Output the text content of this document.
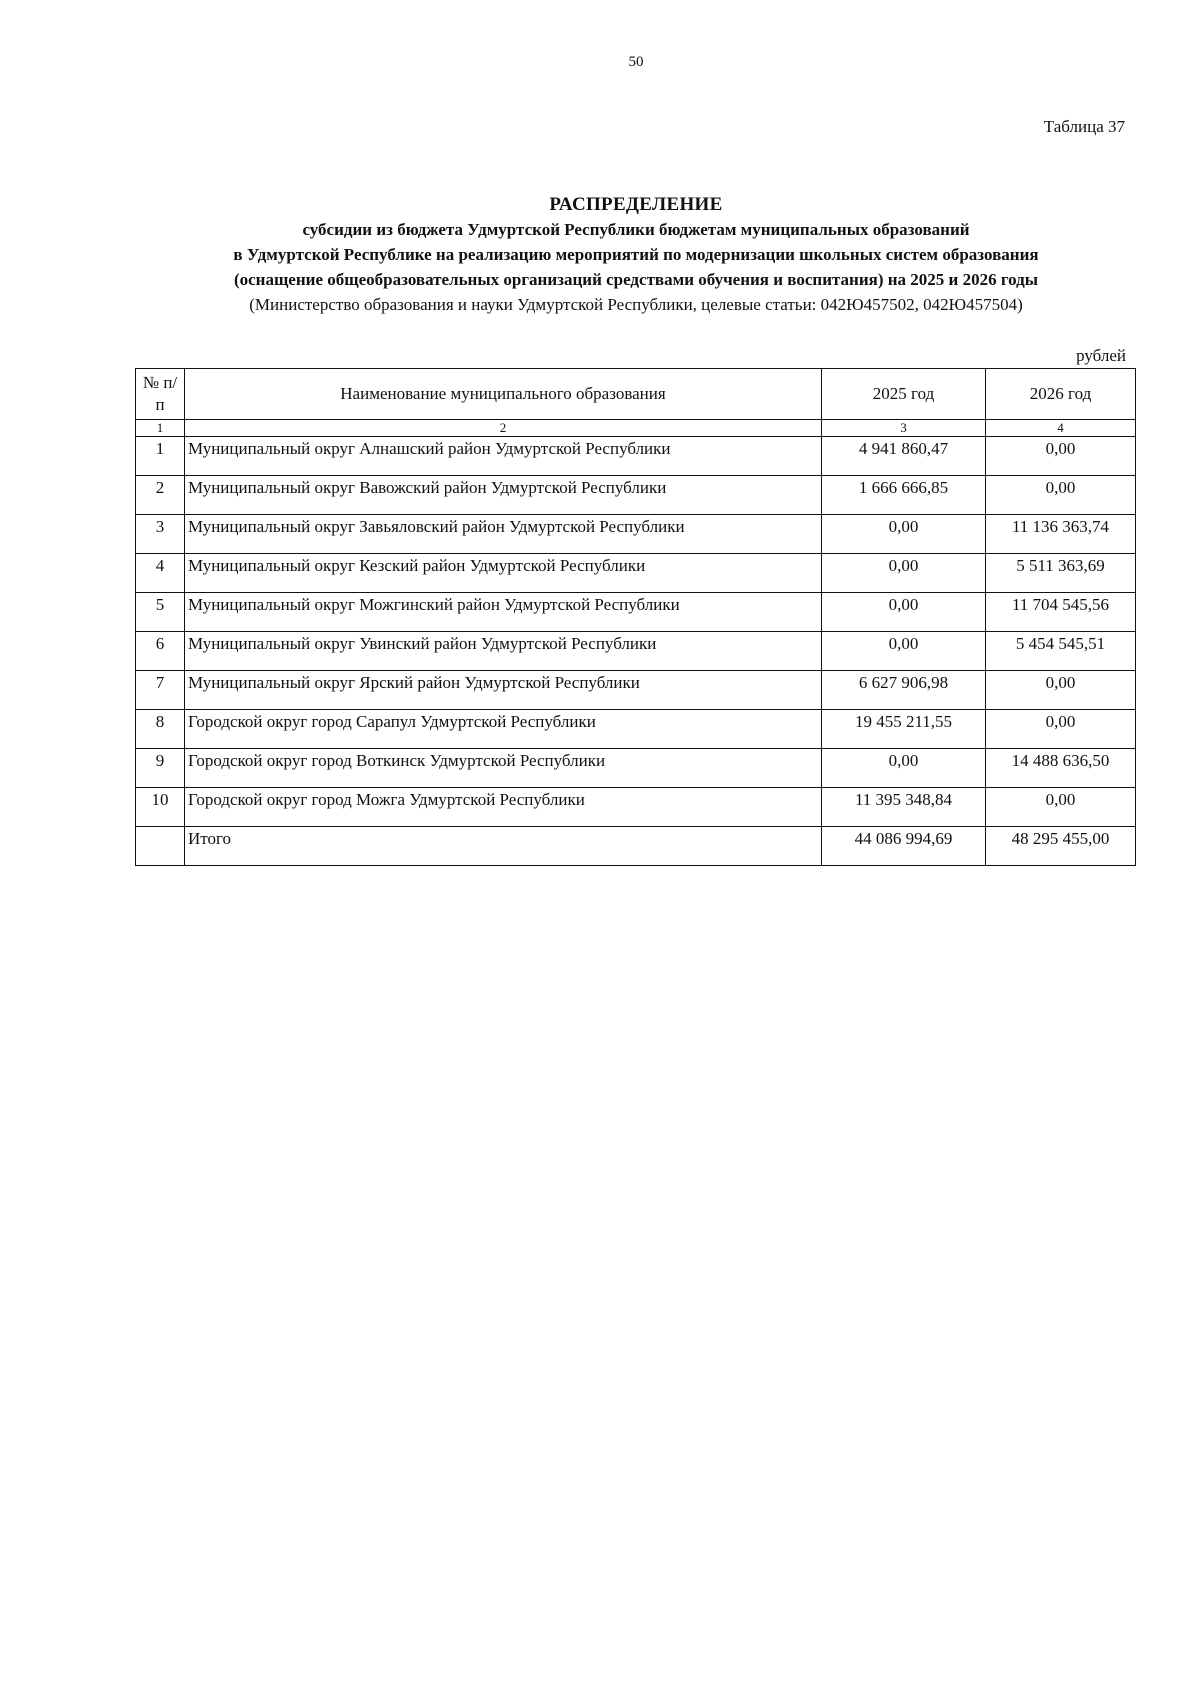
50
Таблица 37
РАСПРЕДЕЛЕНИЕ
субсидии из бюджета Удмуртской Республики бюджетам муниципальных образований
в Удмуртской Республике на реализацию мероприятий по модернизации школьных систем образования
(оснащение общеобразовательных организаций средствами обучения и воспитания) на 2025 и 2026 годы
(Министерство образования и науки Удмуртской Республики, целевые статьи: 042Ю457502, 042Ю457504)
рублей
№ п/п	Наименование муниципального образования	2025 год	2026 год
1	2	3	4
1	Муниципальный округ Алнашский район Удмуртской Республики	4 941 860,47	0,00
2	Муниципальный округ Вавожский район Удмуртской Республики	1 666 666,85	0,00
3	Муниципальный округ Завьяловский район Удмуртской Республики	0,00	11 136 363,74
4	Муниципальный округ Кезский район Удмуртской Республики	0,00	5 511 363,69
5	Муниципальный округ Можгинский район Удмуртской Республики	0,00	11 704 545,56
6	Муниципальный округ Увинский район Удмуртской Республики	0,00	5 454 545,51
7	Муниципальный округ Ярский район Удмуртской Республики	6 627 906,98	0,00
8	Городской округ город Сарапул Удмуртской Республики	19 455 211,55	0,00
9	Городской округ город Воткинск Удмуртской Республики	0,00	14 488 636,50
10	Городской округ город Можга Удмуртской Республики	11 395 348,84	0,00
	Итого	44 086 994,69	48 295 455,00
